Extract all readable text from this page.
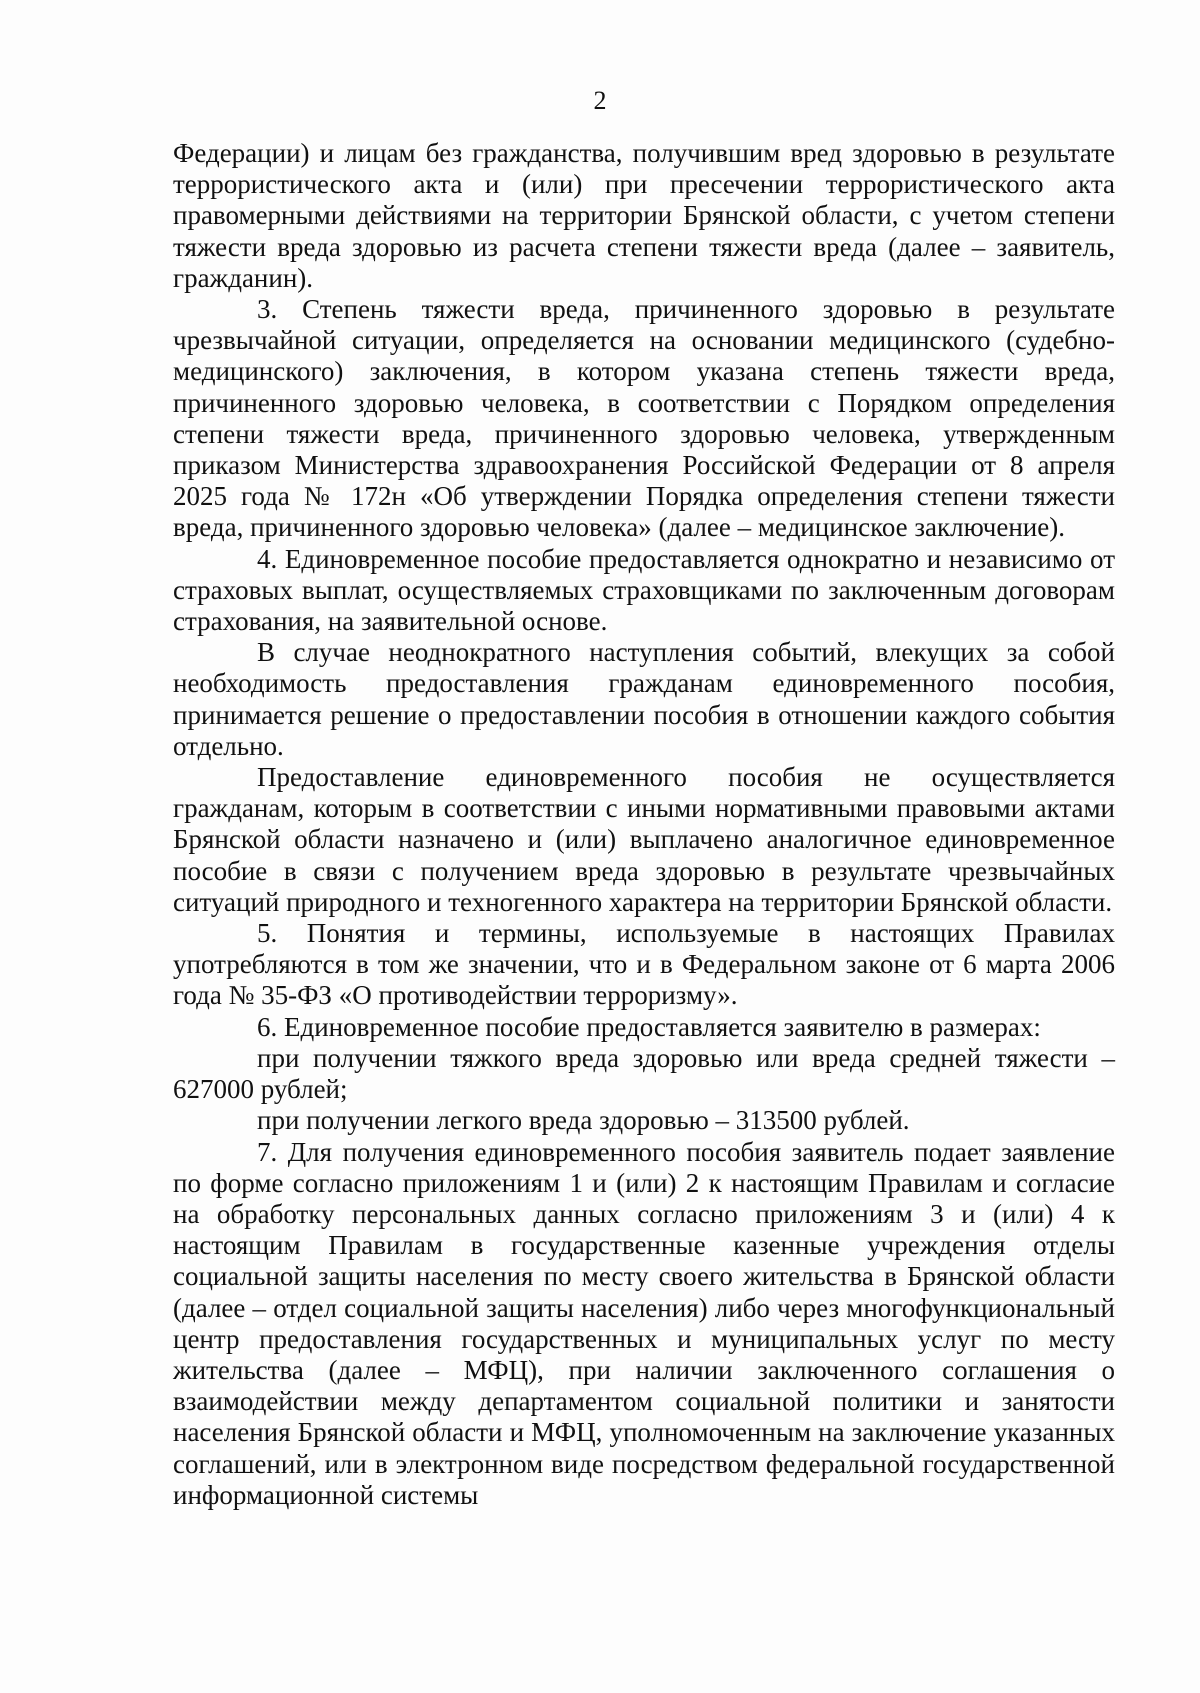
2

Федерации) и лицам без гражданства, получившим вред здоровью в результате террористического акта и (или) при пресечении террористического акта правомерными действиями на территории Брянской области, с учетом степени тяжести вреда здоровью из расчета степени тяжести вреда (далее – заявитель, гражданин).

3. Степень тяжести вреда, причиненного здоровью в результате чрезвычайной ситуации, определяется на основании медицинского (судебно-медицинского) заключения, в котором указана степень тяжести вреда, причиненного здоровью человека, в соответствии с Порядком определения степени тяжести вреда, причиненного здоровью человека, утвержденным приказом Министерства здравоохранения Российской Федерации от 8 апреля 2025 года № 172н «Об утверждении Порядка определения степени тяжести вреда, причиненного здоровью человека» (далее – медицинское заключение).

4. Единовременное пособие предоставляется однократно и независимо от страховых выплат, осуществляемых страховщиками по заключенным договорам страхования, на заявительной основе.

В случае неоднократного наступления событий, влекущих за собой необходимость предоставления гражданам единовременного пособия, принимается решение о предоставлении пособия в отношении каждого события отдельно.

Предоставление единовременного пособия не осуществляется гражданам, которым в соответствии с иными нормативными правовыми актами Брянской области назначено и (или) выплачено аналогичное единовременное пособие в связи с получением вреда здоровью в результате чрезвычайных ситуаций природного и техногенного характера на территории Брянской области.

5. Понятия и термины, используемые в настоящих Правилах употребляются в том же значении, что и в Федеральном законе от 6 марта 2006 года № 35-ФЗ «О противодействии терроризму».

6. Единовременное пособие предоставляется заявителю в размерах:

при получении тяжкого вреда здоровью или вреда средней тяжести – 627000 рублей;

при получении легкого вреда здоровью – 313500 рублей.

7. Для получения единовременного пособия заявитель подает заявление по форме согласно приложениям 1 и (или) 2 к настоящим Правилам и согласие на обработку персональных данных согласно приложениям 3 и (или) 4 к настоящим Правилам в государственные казенные учреждения отделы социальной защиты населения по месту своего жительства в Брянской области (далее – отдел социальной защиты населения) либо через многофункциональный центр предоставления государственных и муниципальных услуг по месту жительства (далее – МФЦ), при наличии заключенного соглашения о взаимодействии между департаментом социальной политики и занятости населения Брянской области и МФЦ, уполномоченным на заключение указанных соглашений, или в электронном виде посредством федеральной государственной информационной системы
